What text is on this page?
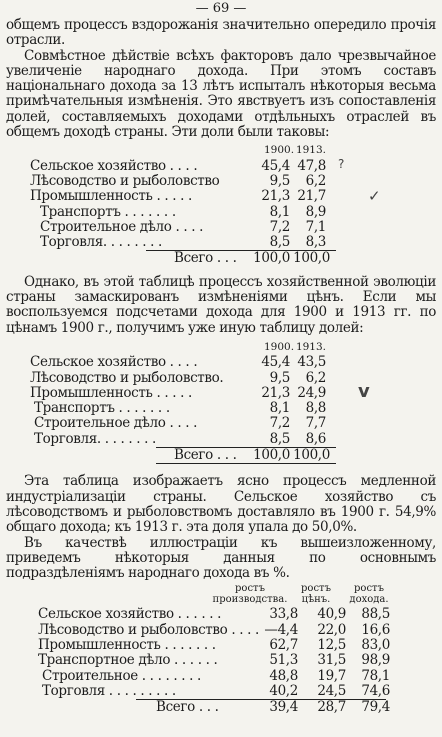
— 69 —

общемъ процессъ вздорожанія значительно опередило прочія отрасли.

Совмѣстное дѣйствіе всѣхъ факторовъ дало чрезвычайное увеличеніе народнаго дохода. При этомъ составъ національнаго дохода за 13 лѣтъ испыталъ нѣкоторыя весьма примѣчательныя измѣненія. Это явствуетъ изъ сопоставленія долей, составляемыхъ доходами отдѣльныхъ отраслей въ общемъ доходѣ страны. Эти доли были таковы:

1900. 1913.
Сельское хозяйство . . . .	45,4 47,8
Лѣсоводство и рыболовство	9,5	6,2
Промышленность . . . . .	21,3 21,7
Транспортъ . . . . . . .	8,1	8,9
Строительное дѣло . . . .	7,2	7,1
Торговля. . . . . . . .	8,5	8,3
Всего . . .	100,0 100,0
?
✓

Однако, въ этой таблицѣ процессъ хозяйственной эволюціи страны замаскированъ измѣненіями цѣнъ. Если мы воспользуемся подсчетами дохода для 1900 и 1913 гг. по цѣнамъ 1900 г., получимъ уже иную таблицу долей:

1900. 1913.
Сельское хозяйство . . . .	45,4 43,5
Лѣсоводство и рыболовство.	9,5	6,2
Промышленность . . . . .	21,3 24,9
Транспортъ . . . . . . .	8,1	8,8
Строительное дѣло . . . .	7,2	7,7
Торговля. . . . . . . .	8,5	8,6
Всего . . .	100,0 100,0
v

Эта таблица изображаетъ ясно процессъ медленной индустріализаціи страны. Сельское хозяйство съ лѣсоводствомъ и рыболовствомъ доставляло въ 1900 г. 54,9% общаго дохода; къ 1913 г. эта доля упала до 50,0%.

Въ качествѣ иллюстраціи къ вышеизложенному, приведемъ нѣкоторыя данныя по основнымъ подраздѣленіямъ народнаго дохода въ %.

ростъ
производства.
ростъ
цѣнъ.
ростъ
дохода.
Сельское хозяйство . . . . . .	33,8	40,9	88,5
Лѣсоводство и рыболовство . . . . —4,4	22,0	16,6
Промышленность . . . . . . .	62,7	12,5	83,0
Транспортное дѣло . . . . . .	51,3	31,5	98,9
Строительное . . . . . . . .	48,8	19,7	78,1
Торговля . . . . . . . . .	40,2	24,5	74,6
Всего . . .	39,4	28,7	79,4
